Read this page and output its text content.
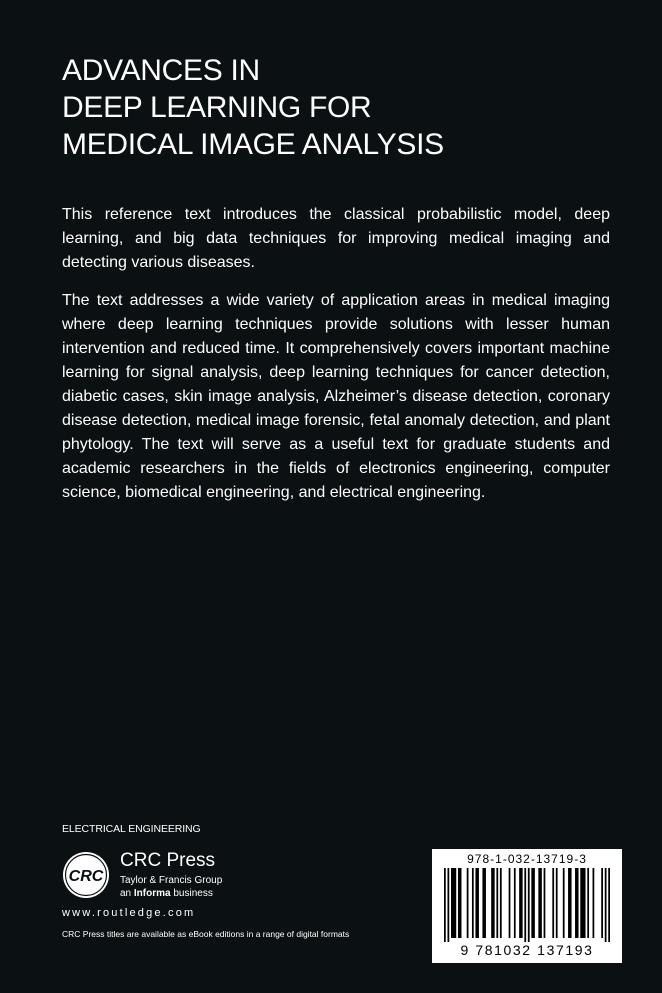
ADVANCES IN
DEEP LEARNING FOR
MEDICAL IMAGE ANALYSIS

This reference text introduces the classical probabilistic model, deep learning, and big data techniques for improving medical imaging and detecting various diseases.

The text addresses a wide variety of application areas in medical imaging where deep learning techniques provide solutions with lesser human intervention and reduced time. It comprehensively covers important machine learning for signal analysis, deep learning techniques for cancer detection, diabetic cases, skin image analysis, Alzheimer’s disease detection, coronary disease detection, medical image forensic, fetal anomaly detection, and plant phytology. The text will serve as a useful text for graduate students and academic researchers in the fields of electronics engineering, computer science, biomedical engineering, and electrical engineering.

ELECTRICAL ENGINEERING
CRC
CRC Press
Taylor & Francis Group
an Informa business
www.routledge.com
CRC Press titles are available as eBook editions in a range of digital formats
978-1-032-13719-3
9 781032 137193
